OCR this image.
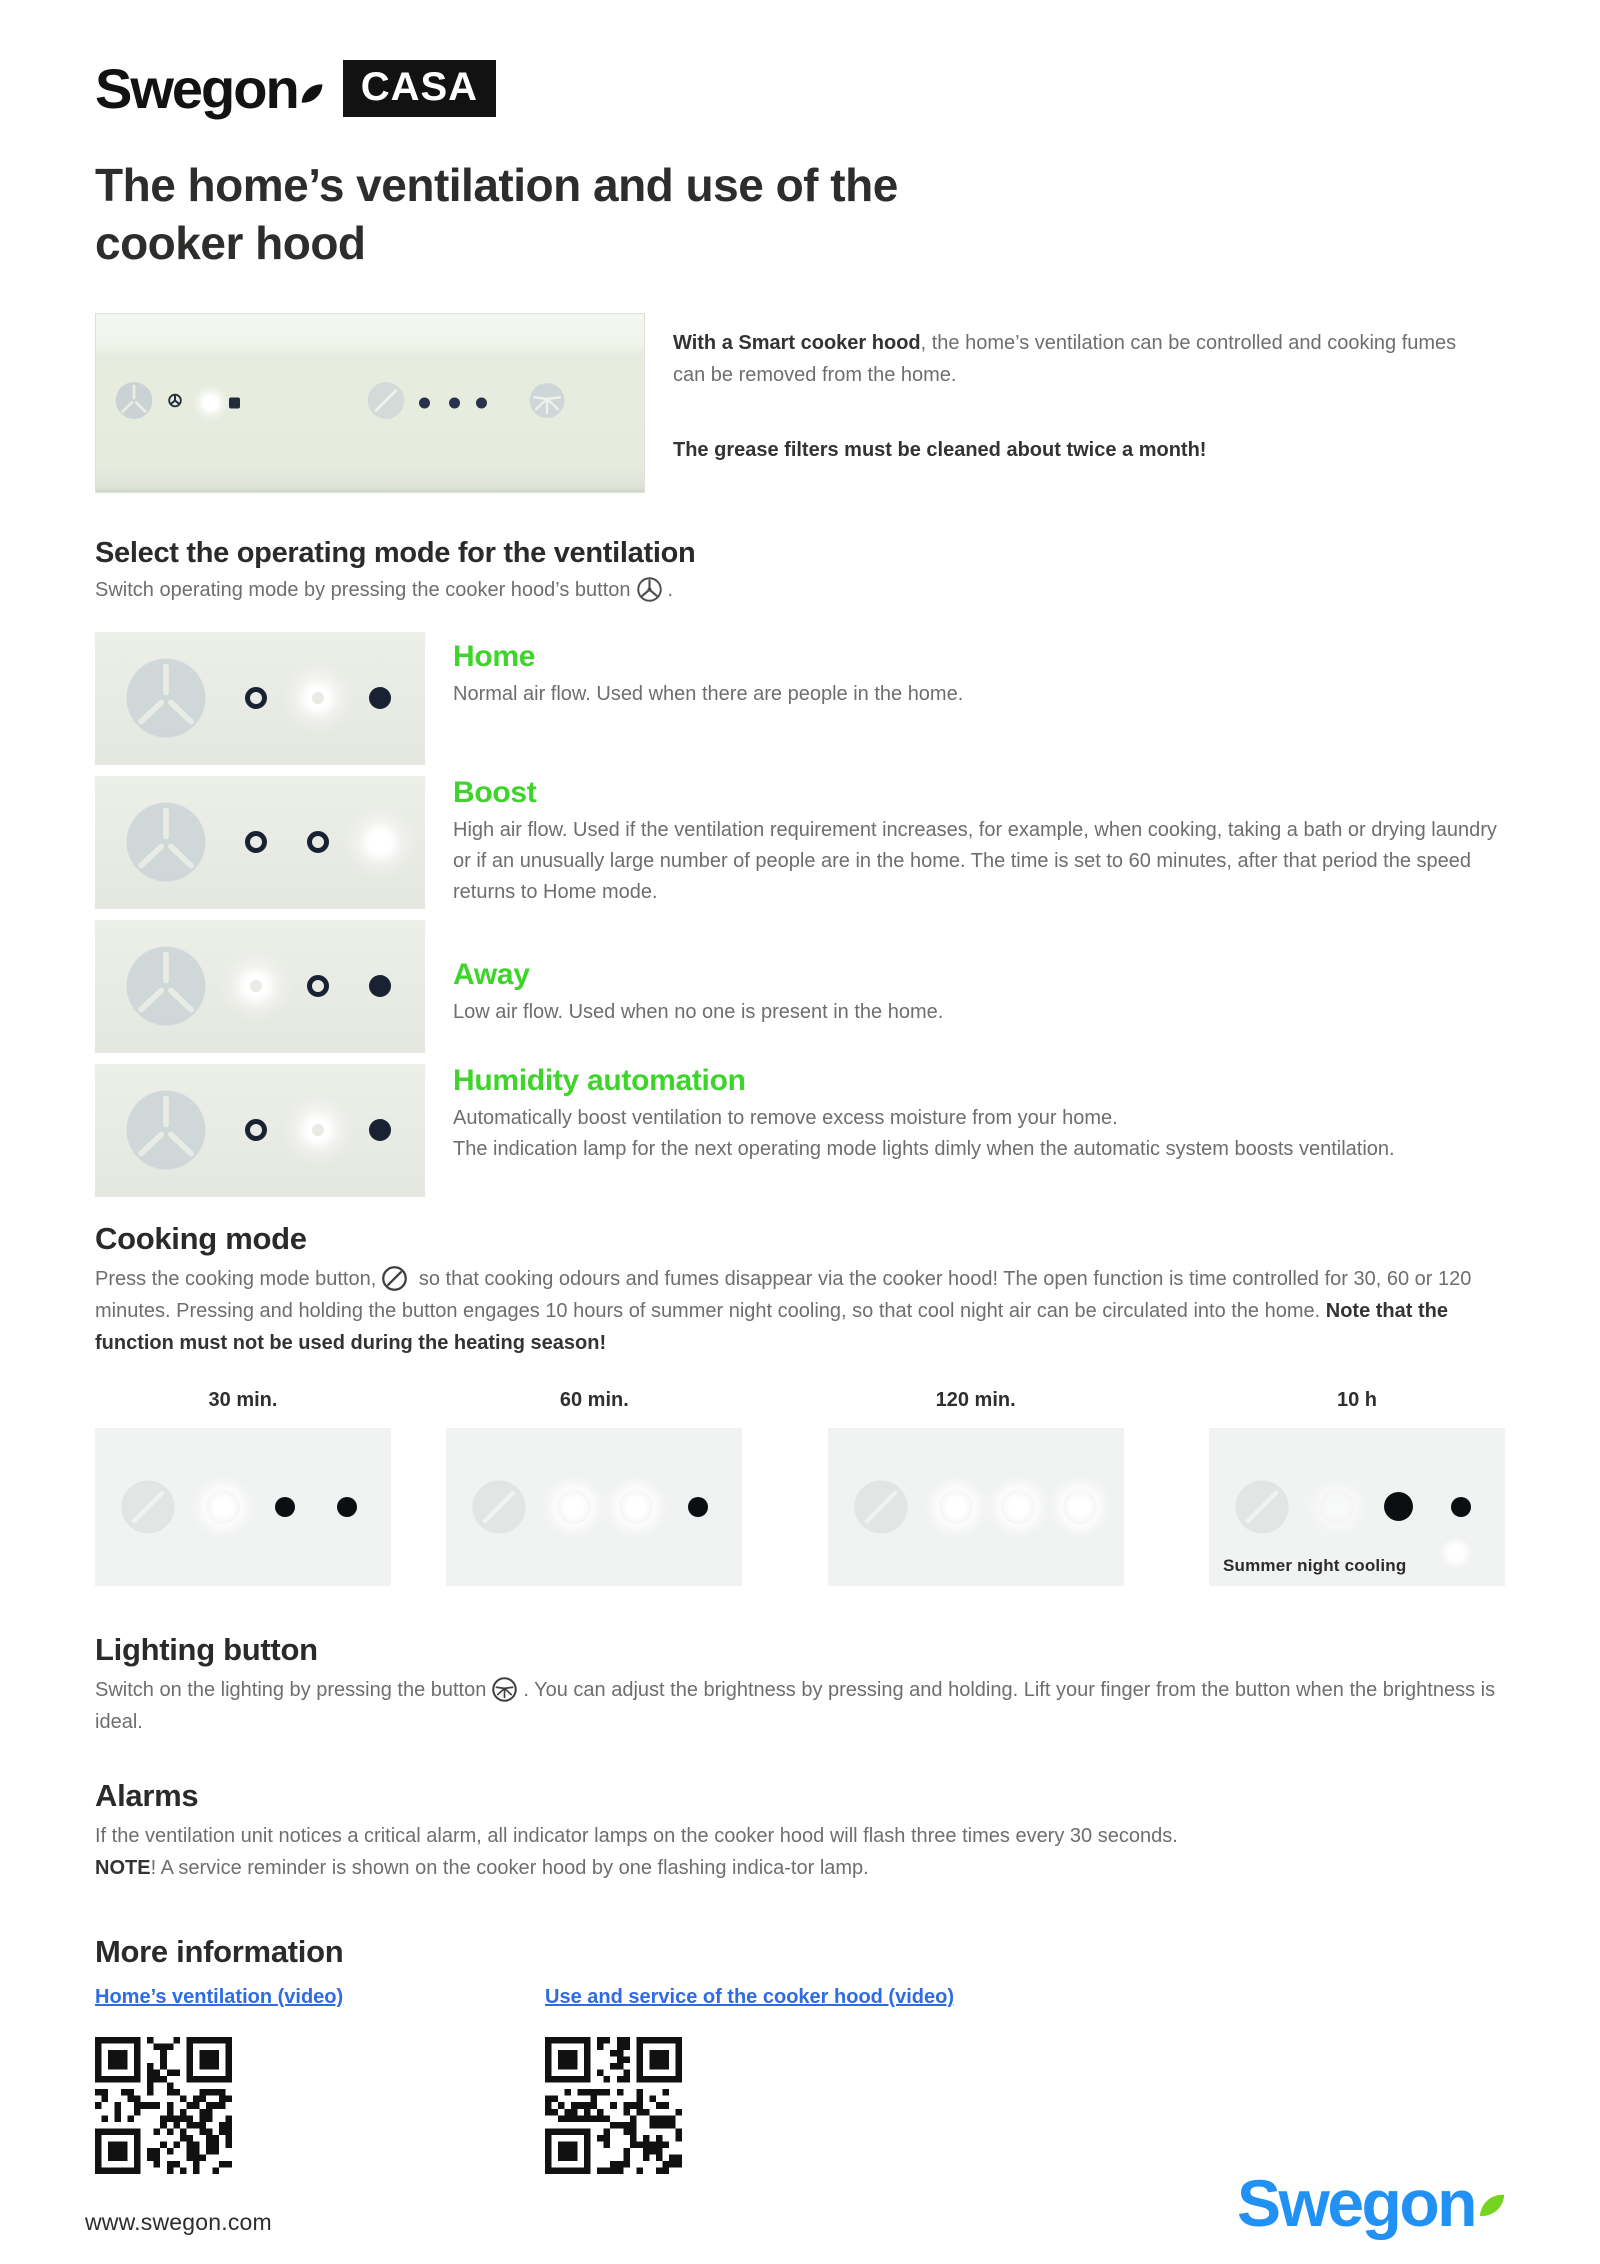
Swegon	CASA
The home’s ventilation and use of the
cooker hood

With a Smart cooker hood, the home’s ventilation can be controlled and cooking fumes can be removed from the home.

The grease filters must be cleaned about twice a month!

Select the operating mode for the ventilation

Switch operating mode by pressing the cooker hood’s button .

Home
Normal air flow. Used when there are people in the home.
Boost
High air flow. Used if the ventilation requirement increases, for example, when cooking, taking a bath or drying laundry or if an unusually large number of people are in the home. The time is set to 60 minutes, after that period the speed returns to Home mode.
Away
Low air flow. Used when no one is present in the home.
Humidity automation
Automatically boost ventilation to remove excess moisture from your home.
The indication lamp for the next operating mode lights dimly when the automatic system boosts ventilation.
Cooking mode

Press the cooking mode button, so that cooking odours and fumes disappear via the cooker hood! The open function is time controlled for 30, 60 or 120 minutes. Pressing and holding the button engages 10 hours of summer night cooling, so that cool night air can be circulated into the home. Note that the function must not be used during the heating season!

30 min.	60 min.	120 min.	10 h
Summer night cooling
Lighting button

Switch on the lighting by pressing the button . You can adjust the brightness by pressing and holding. Lift your finger from the button when the brightness is ideal.

Alarms

If the ventilation unit notices a critical alarm, all indicator lamps on the cooker hood will flash three times every 30 seconds.
NOTE! A service reminder is shown on the cooker hood by one flashing indica-tor lamp.

More information
Home’s ventilation (video)	Use and service of the cooker hood (video)
www.swegon.com	Swegon
